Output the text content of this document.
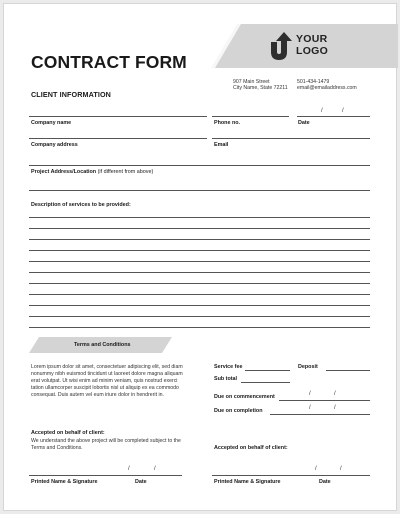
YOUR
LOGO
CONTRACT FORM
907 Main Street
City Name, State 72211
501-434-1479
email@emailaddress.com
CLIENT INFORMATION
/	/
Company name	Phone no.	Date
Company address	Email
Project Address/Location (if different from above)
Description of services to be provided:
Terms and Conditions
Lorem ipsum dolor sit amet, consectetuer adipiscing elit, sed diam nonummy nibh euismod tincidunt ut laoreet dolore magna aliquam erat volutpat. Ut wisi enim ad minim veniam, quis nostrud exerci tation ullamcorper suscipit lobortis nisl ut aliquip ex ea commodo consequat. Duis autem vel eum iriure dolor in hendrerit in.
Service fee	Deposit
Sub total
Due on commencement	/	/
Due on completion	/	/
Accepted on behalf of client:
We understand the above project will be completed subject to the Terms and Conditions.	Accepted on behalf of client:
/	/
Printed Name & Signature	Date
/	/
Printed Name & Signature	Date
